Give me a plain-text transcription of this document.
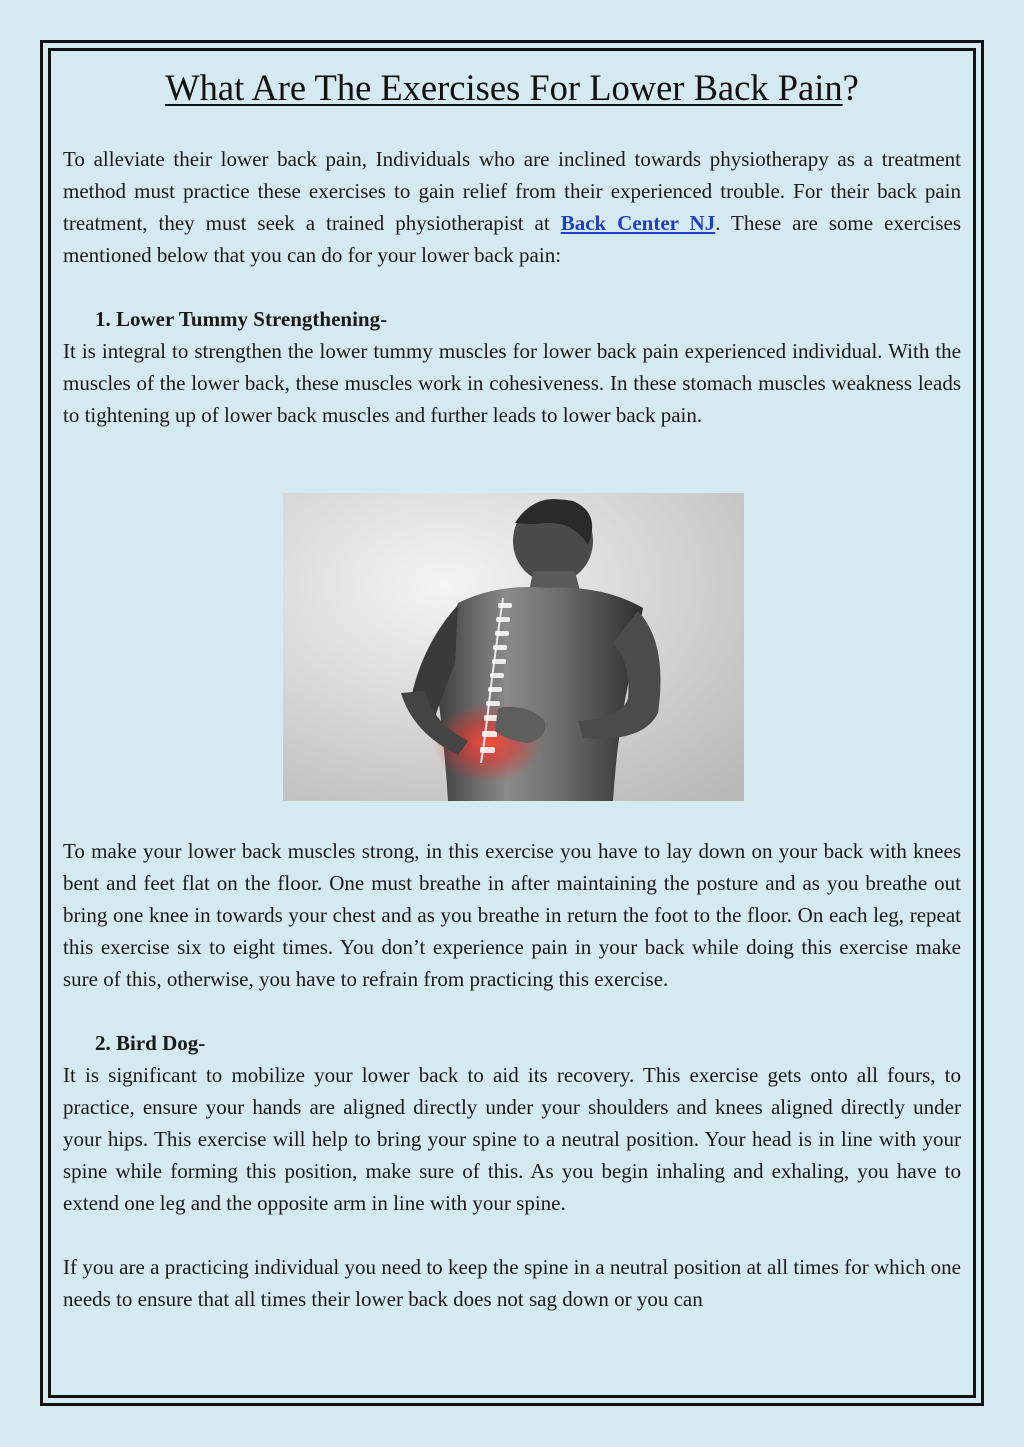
What Are The Exercises For Lower Back Pain?

To alleviate their lower back pain, Individuals who are inclined towards physiotherapy as a treatment method must practice these exercises to gain relief from their experienced trouble. For their back pain treatment, they must seek a trained physiotherapist at Back Center NJ. These are some exercises mentioned below that you can do for your lower back pain:

1. Lower Tummy Strengthening-

It is integral to strengthen the lower tummy muscles for lower back pain experienced individual. With the muscles of the lower back, these muscles work in cohesiveness. In these stomach muscles weakness leads to tightening up of lower back muscles and further leads to lower back pain.

To make your lower back muscles strong, in this exercise you have to lay down on your back with knees bent and feet flat on the floor. One must breathe in after maintaining the posture and as you breathe out bring one knee in towards your chest and as you breathe in return the foot to the floor. On each leg, repeat this exercise six to eight times. You don’t experience pain in your back while doing this exercise make sure of this, otherwise, you have to refrain from practicing this exercise.

2. Bird Dog-

It is significant to mobilize your lower back to aid its recovery. This exercise gets onto all fours, to practice, ensure your hands are aligned directly under your shoulders and knees aligned directly under your hips. This exercise will help to bring your spine to a neutral position. Your head is in line with your spine while forming this position, make sure of this. As you begin inhaling and exhaling, you have to extend one leg and the opposite arm in line with your spine.

If you are a practicing individual you need to keep the spine in a neutral position at all times for which one needs to ensure that all times their lower back does not sag down or you can
